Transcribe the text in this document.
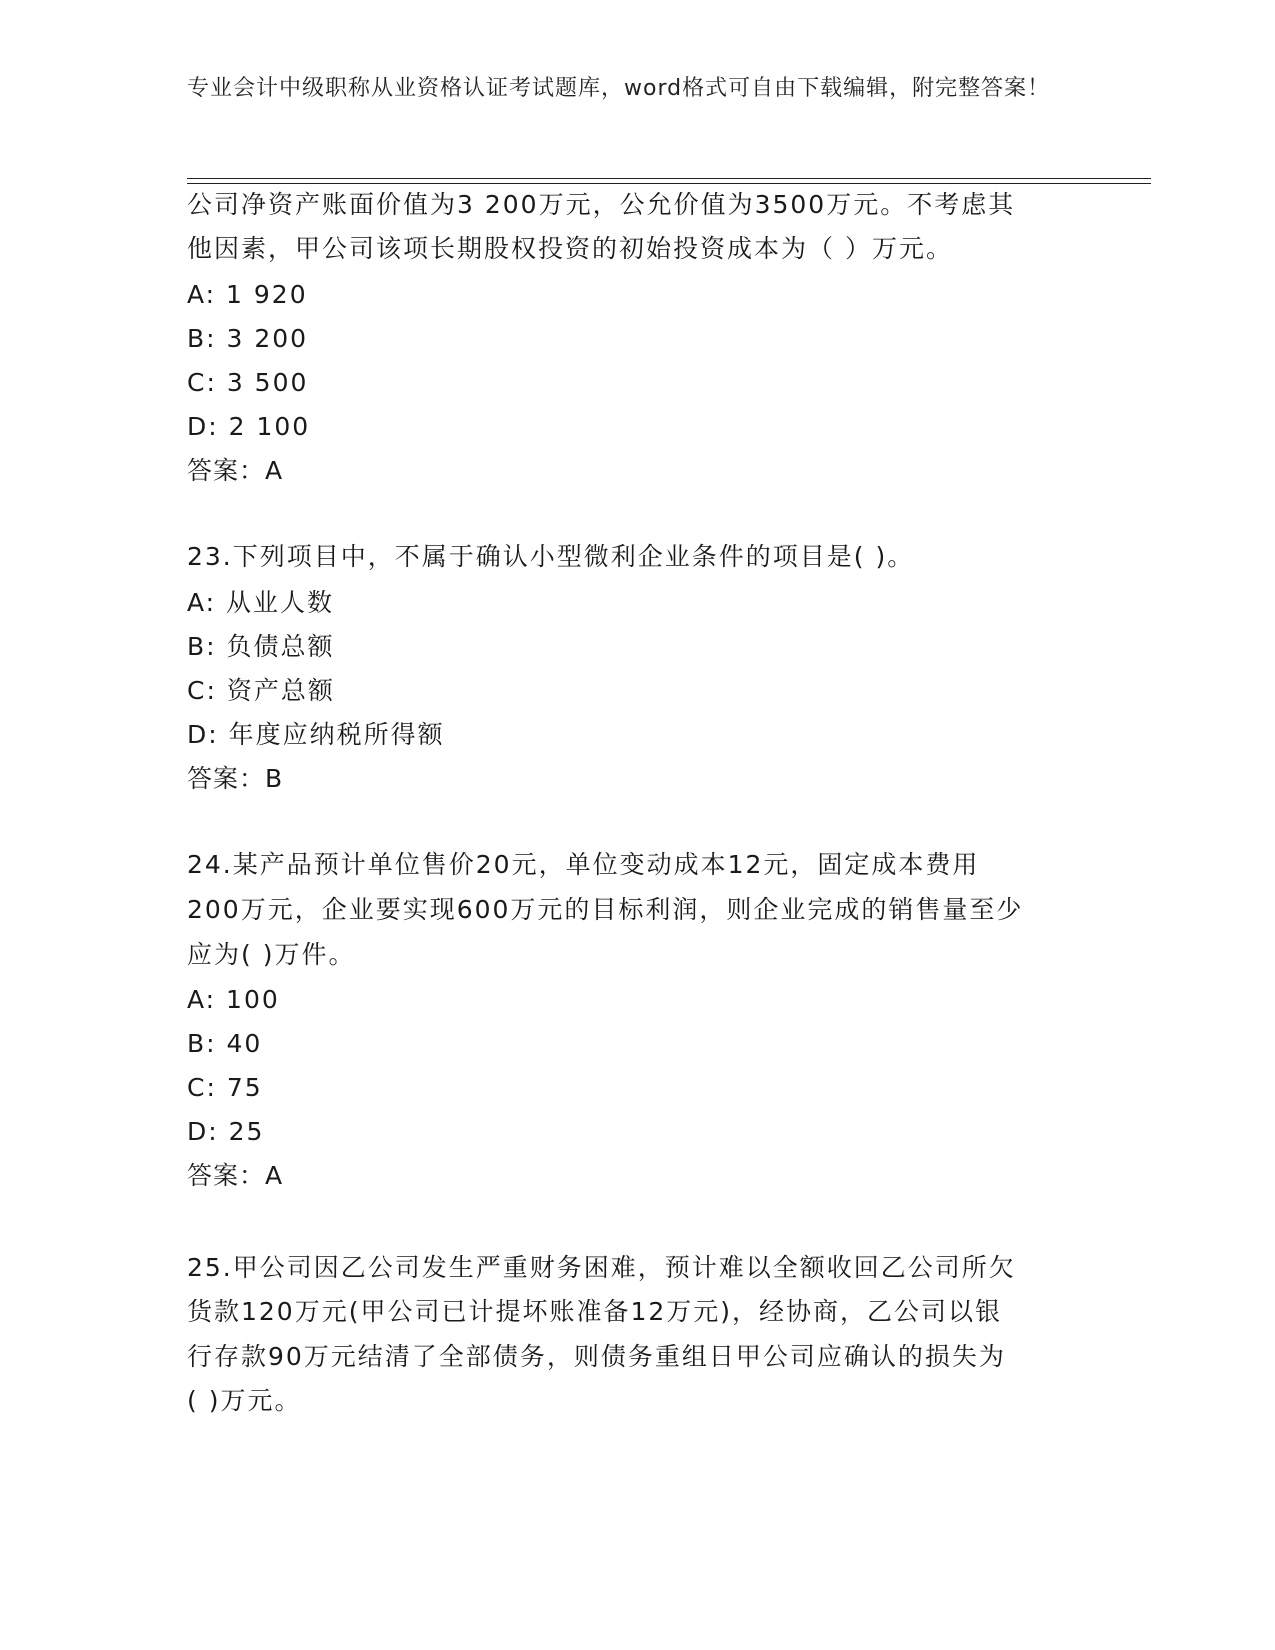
专业会计中级职称从业资格认证考试题库，word格式可自由下载编辑，附完整答案！
公司净资产账面价值为3 200万元，公允价值为3500万元。不考虑其
他因素，甲公司该项长期股权投资的初始投资成本为（ ）万元。
A: 1 920
B: 3 200
C: 3 500
D: 2 100
答案：A
23.下列项目中，不属于确认小型微利企业条件的项目是( )。
A: 从业人数
B: 负债总额
C: 资产总额
D: 年度应纳税所得额
答案：B
24.某产品预计单位售价20元，单位变动成本12元，固定成本费用
200万元，企业要实现600万元的目标利润，则企业完成的销售量至少
应为( )万件。
A: 100
B: 40
C: 75
D: 25
答案：A
25.甲公司因乙公司发生严重财务困难，预计难以全额收回乙公司所欠
货款120万元(甲公司已计提坏账准备12万元)，经协商，乙公司以银
行存款90万元结清了全部债务，则债务重组日甲公司应确认的损失为
( )万元。
